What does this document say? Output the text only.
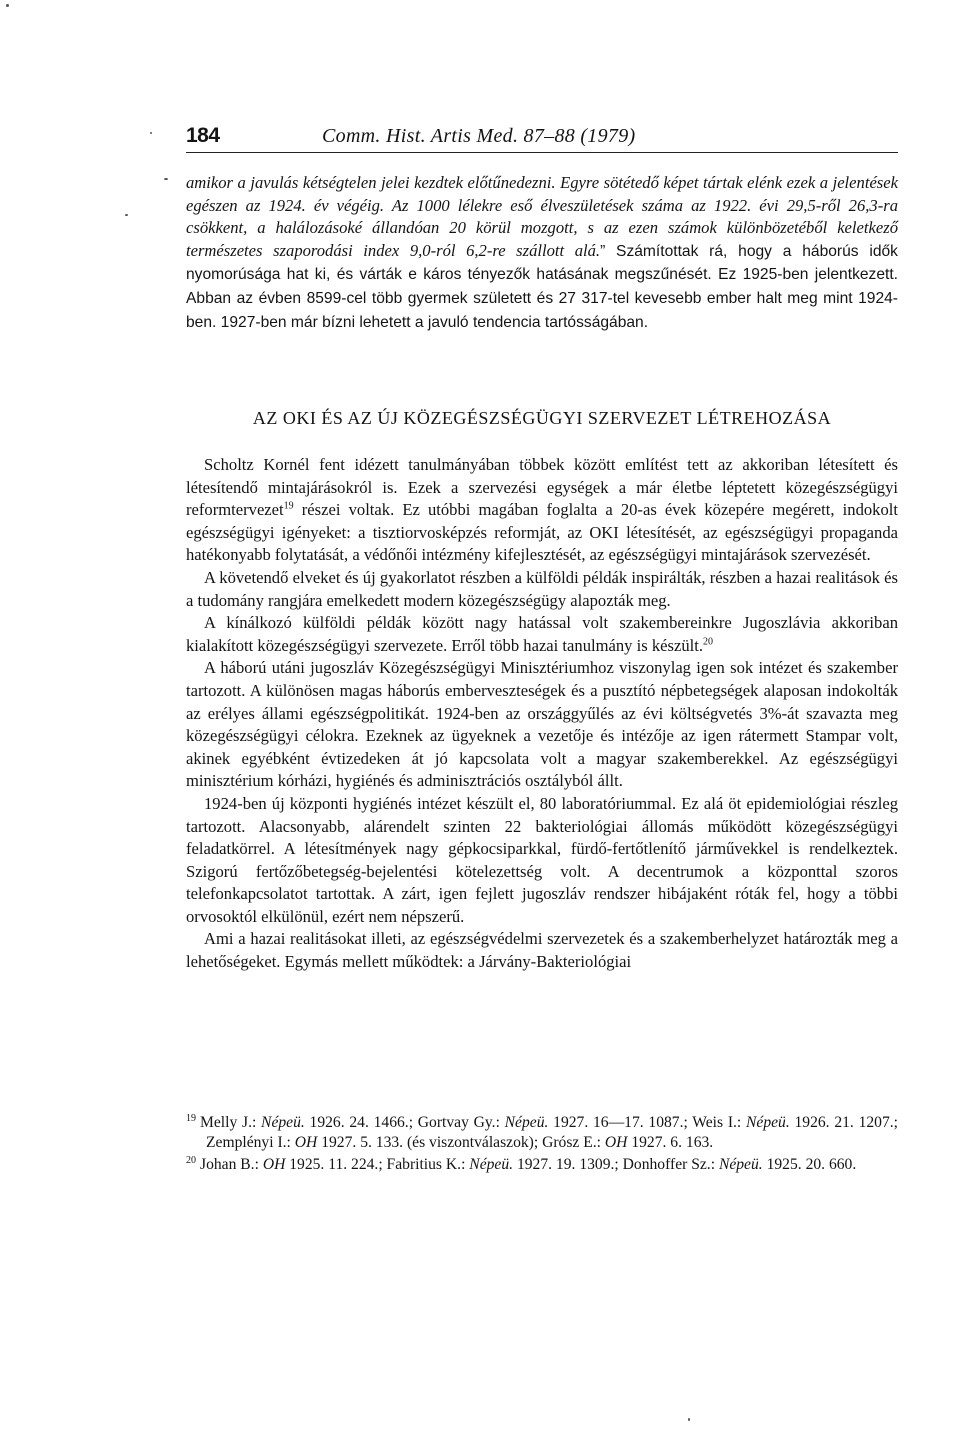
184	Comm. Hist. Artis Med. 87–88 (1979)

amikor a javulás kétségtelen jelei kezdtek előtűnedezni. Egyre sötétedő képet tártak elénk ezek a jelentések egészen az 1924. év végéig. Az 1000 lélekre eső élveszületések száma az 1922. évi 29,5-ről 26,3-ra csökkent, a halálozásoké állandóan 20 körül mozgott, s az ezen számok különbözetéből keletkező természetes szaporodási index 9,0-ról 6,2-re szállott alá.” Számítottak rá, hogy a háborús idők nyomorúsága hat ki, és várták e káros tényezők hatásának megszűnését. Ez 1925-ben jelentkezett. Abban az évben 8599-cel több gyermek született és 27 317-tel kevesebb ember halt meg mint 1924-ben. 1927-ben már bízni lehetett a javuló tendencia tartósságában.

AZ OKI ÉS AZ ÚJ KÖZEGÉSZSÉGÜGYI SZERVEZET LÉTREHOZÁSA

Scholtz Kornél fent idézett tanulmányában többek között említést tett az akkoriban létesített és létesítendő mintajárásokról is. Ezek a szervezési egységek a már életbe léptetett közegészségügyi reformtervezet$^{19}$ részei voltak. Ez utóbbi magában foglalta a 20-as évek közepére megérett, indokolt egészségügyi igényeket: a tisztiorvosképzés reformját, az OKI létesítését, az egészségügyi propaganda hatékonyabb folytatását, a védőnői intézmény kifejlesztését, az egészségügyi mintajárások szervezését.

A követendő elveket és új gyakorlatot részben a külföldi példák inspirálták, részben a hazai realitások és a tudomány rangjára emelkedett modern közegészségügy alapozták meg.

A kínálkozó külföldi példák között nagy hatással volt szakembereinkre Jugoszlávia akkoriban kialakított közegészségügyi szervezete. Erről több hazai tanulmány is készült.$^{20}$

A háború utáni jugoszláv Közegészségügyi Minisztériumhoz viszonylag igen sok intézet és szakember tartozott. A különösen magas háborús emberveszteségek és a pusztító népbetegségek alaposan indokolták az erélyes állami egészségpolitikát. 1924-ben az országgyűlés az évi költségvetés 3%-át szavazta meg közegészségügyi célokra. Ezeknek az ügyeknek a vezetője és intézője az igen rátermett Stampar volt, akinek egyébként évtizedeken át jó kapcsolata volt a magyar szakemberekkel. Az egészségügyi minisztérium kórházi, hygiénés és adminisztrációs osztályból állt.

1924-ben új központi hygiénés intézet készült el, 80 laboratóriummal. Ez alá öt epidemiológiai részleg tartozott. Alacsonyabb, alárendelt szinten 22 bakteriológiai állomás működött közegészségügyi feladatkörrel. A létesítmények nagy gépkocsiparkkal, fürdő-fertőtlenítő járművekkel is rendelkeztek. Szigorú fertőzőbetegség-bejelentési kötelezettség volt. A decentrumok a központtal szoros telefonkapcsolatot tartottak. A zárt, igen fejlett jugoszláv rendszer hibájaként róták fel, hogy a többi orvosoktól elkülönül, ezért nem népszerű.

Ami a hazai realitásokat illeti, az egészségvédelmi szervezetek és a szakemberhelyzet határozták meg a lehetőségeket. Egymás mellett működtek: a Járvány-Bakteriológiai

$^{19}$ Melly J.: Népeü. 1926. 24. 1466.; Gortvay Gy.: Népeü. 1927. 16—17. 1087.; Weis I.: Népeü. 1926. 21. 1207.; Zemplényi I.: OH 1927. 5. 133. (és viszontválaszok); Grósz E.: OH 1927. 6. 163.

$^{20}$ Johan B.: OH 1925. 11. 224.; Fabritius K.: Népeü. 1927. 19. 1309.; Donhoffer Sz.: Népeü. 1925. 20. 660.
